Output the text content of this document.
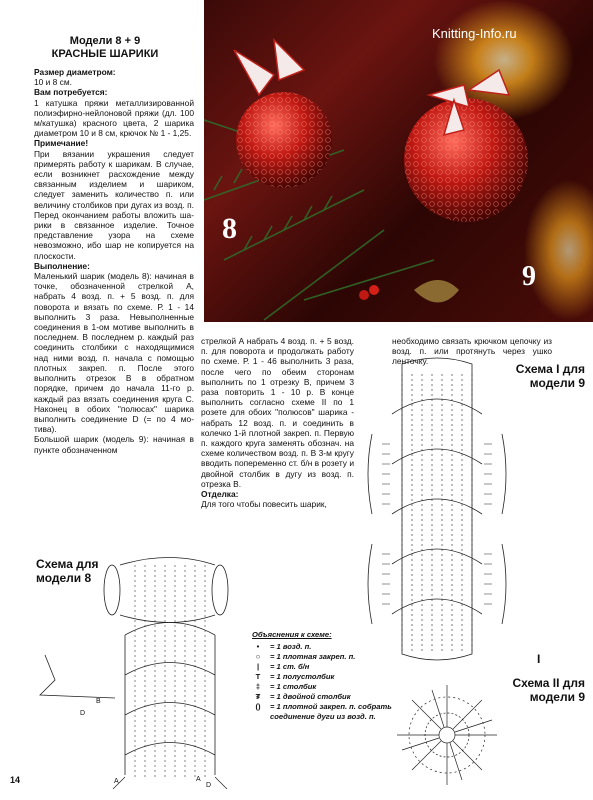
Модели 8 + 9
КРАСНЫЕ ШАРИКИ

Размер диаметром:

10 и 8 см.

Вам потребуется:

1 катушка пряжи металлизированной полиэфирно-нейлоновой пряжи (дл. 100 м/катушка) красного цвета, 2 шарика диаметром 10 и 8 см, крючок № 1 - 1,25.

Примечание!

При вязании украшения следует примерять работу к шарикам. В случае, если возникнет расхождение между связанным изделием и шариком, следует заменить количество п. или величину столбиков при дугах из возд. п. Перед окончанием работы вложить шарики в связанное изделие. Точное представление узора на схеме невозможно, ибо шар не копируется на плоскости.

Выполнение:

Маленький шарик (модель 8): начиная в точке, обозначенной стрелкой А, набрать 4 возд. п. + 5 возд. п. для поворота и вязать по схеме. Р. 1 - 14 выполнить 3 раза. Невыполненные соединения в 1-ом мотиве выполнить в последнем. В последнем р. каждый раз соединить столбики с находящимися над ними возд. п. начала с помощью плотных закреп. п. После этого выполнить отрезок В в обратном порядке, причем до начала 11-го р. каждый раз вязать соединения круга С. Наконец в обоих "полюсах" шарика выполнить соединение D (= по 4 мотива).

Большой шарик (модель 9): начиная в пункте обозначенном

8
9
Knitting-Info.ru

стрелкой А набрать 4 возд. п. + 5 возд. п. для поворота и продолжать работу по схеме. Р. 1 - 46 выполнить 3 раза, после чего по обеим сторонам выполнить по 1 отрезку В, причем 3 раза повторить 1 - 10 р. В конце выполнить согласно схеме II по 1 розете для обоих "полюсов" шарика - набрать 12 возд. п. и соединить в колечко 1-й плотной закреп. п. Первую п. каждого круга заменять обознач. на схеме количеством возд. п. В 3-м кругу вводить попеременно ст. б/н в розету и двойной столбик в дугу из возд. п. отрезка В.

Отделка:

Для того чтобы повесить шарик,

необходимо связать крючком цепочку из возд. п. или протянуть через ушко ленточку.

Схема I для модели 9
I
Схема II для модели 9
Схема для модели 8
A	A
D
D
B
Объяснения к схеме:
•	= 1 возд. п.
○	= 1 плотная закреп. п.
|	= 1 ст. б/н
T	= 1 полустолбик
‡	= 1 столбик
₮	= 1 двойной столбик
()	= 1 плотной закреп. п. собрать соединение дуги из возд. п.
14
